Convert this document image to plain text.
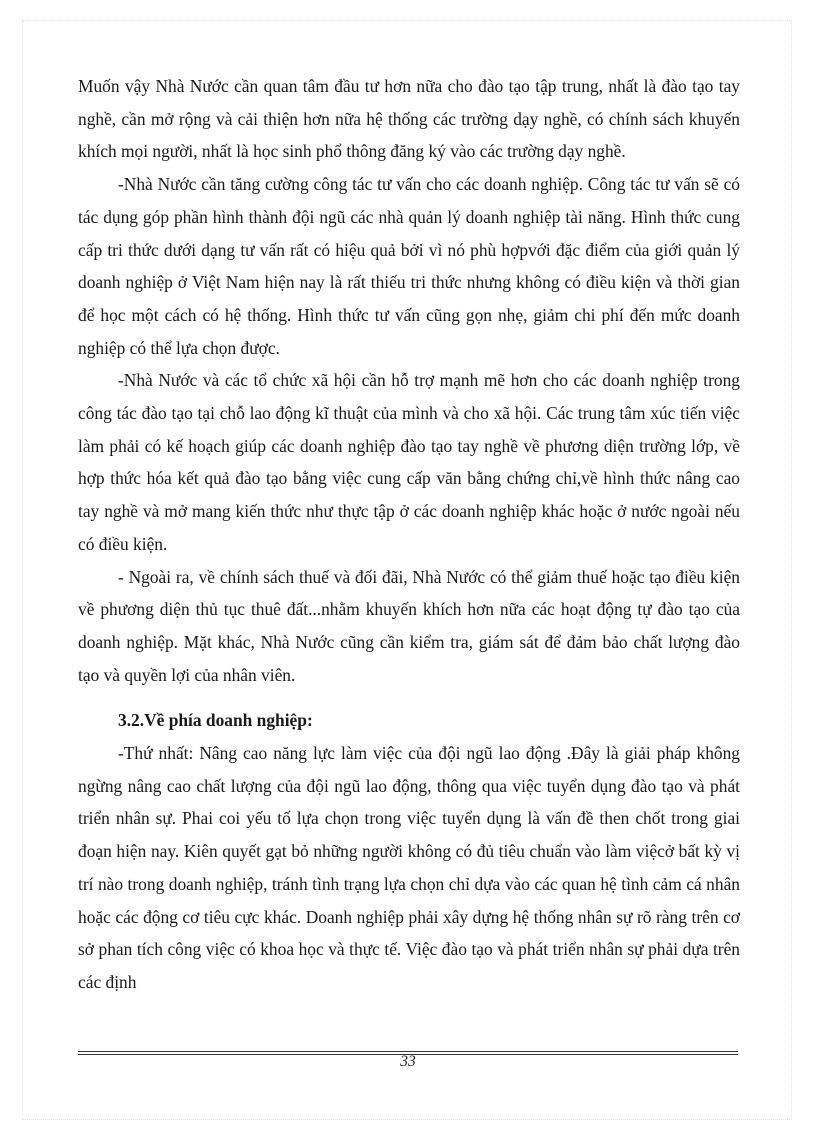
Muốn vậy Nhà Nước cần quan tâm đầu tư hơn nữa cho đào tạo tập trung, nhất là đào tạo tay nghề, cần mở rộng và cải thiện hơn nữa hệ thống các trường dạy nghề, có chính sách khuyến khích mọi người, nhất là học sinh phổ thông đăng ký vào các trường dạy nghề.

-Nhà Nước cần tăng cường công tác tư vấn cho các doanh nghiệp. Công tác tư vấn sẽ có tác dụng góp phần hình thành đội ngũ các nhà quản lý doanh nghiệp tài năng. Hình thức cung cấp tri thức dưới dạng tư vấn rất có hiệu quả bởi vì nó phù hợpvới đặc điểm của giới quản lý doanh nghiệp ở Việt Nam hiện nay là rất thiếu tri thức nhưng không có điều kiện và thời gian để học một cách có hệ thống. Hình thức tư vấn cũng gọn nhẹ, giảm chi phí đến mức doanh nghiệp có thể lựa chọn được.

-Nhà Nước và các tổ chức xã hội cần hỗ trợ mạnh mẽ hơn cho các doanh nghiệp trong công tác đào tạo tại chỗ lao động kĩ thuật của mình và cho xã hội. Các trung tâm xúc tiến việc làm phải có kế hoạch giúp các doanh nghiệp đào tạo tay nghề về phương diện trường lớp, về hợp thức hóa kết quả đào tạo bằng việc cung cấp văn bằng chứng chỉ,về hình thức nâng cao tay nghề và mở mang kiến thức như thực tập ở các doanh nghiệp khác hoặc ở nước ngoài nếu có điều kiện.

- Ngoài ra, về chính sách thuế và đối đãi, Nhà Nước có thể giảm thuế hoặc tạo điều kiện về phương diện thủ tục thuê đất...nhằm khuyến khích hơn nữa các hoạt động tự đào tạo của doanh nghiệp. Mặt khác, Nhà Nước cũng cần kiểm tra, giám sát để đảm bảo chất lượng đào tạo và quyền lợi của nhân viên.

3.2.Về phía doanh nghiệp:

-Thứ nhất: Nâng cao năng lực làm việc của đội ngũ lao động .Đây là giải pháp không ngừng nâng cao chất lượng của đội ngũ lao động, thông qua việc tuyển dụng đào tạo và phát triển nhân sự. Phai coi yếu tố lựa chọn trong việc tuyển dụng là vấn đề then chốt trong giai đoạn hiện nay. Kiên quyết gạt bỏ những người không có đủ tiêu chuẩn vào làm việcở bất kỳ vị trí nào trong doanh nghiệp, tránh tình trạng lựa chọn chỉ dựa vào các quan hệ tình cảm cá nhân hoặc các động cơ tiêu cực khác. Doanh nghiệp phải xây dựng hệ thống nhân sự rõ ràng trên cơ sở phan tích công việc có khoa học và thực tế. Việc đào tạo và phát triển nhân sự phải dựa trên các định

33
